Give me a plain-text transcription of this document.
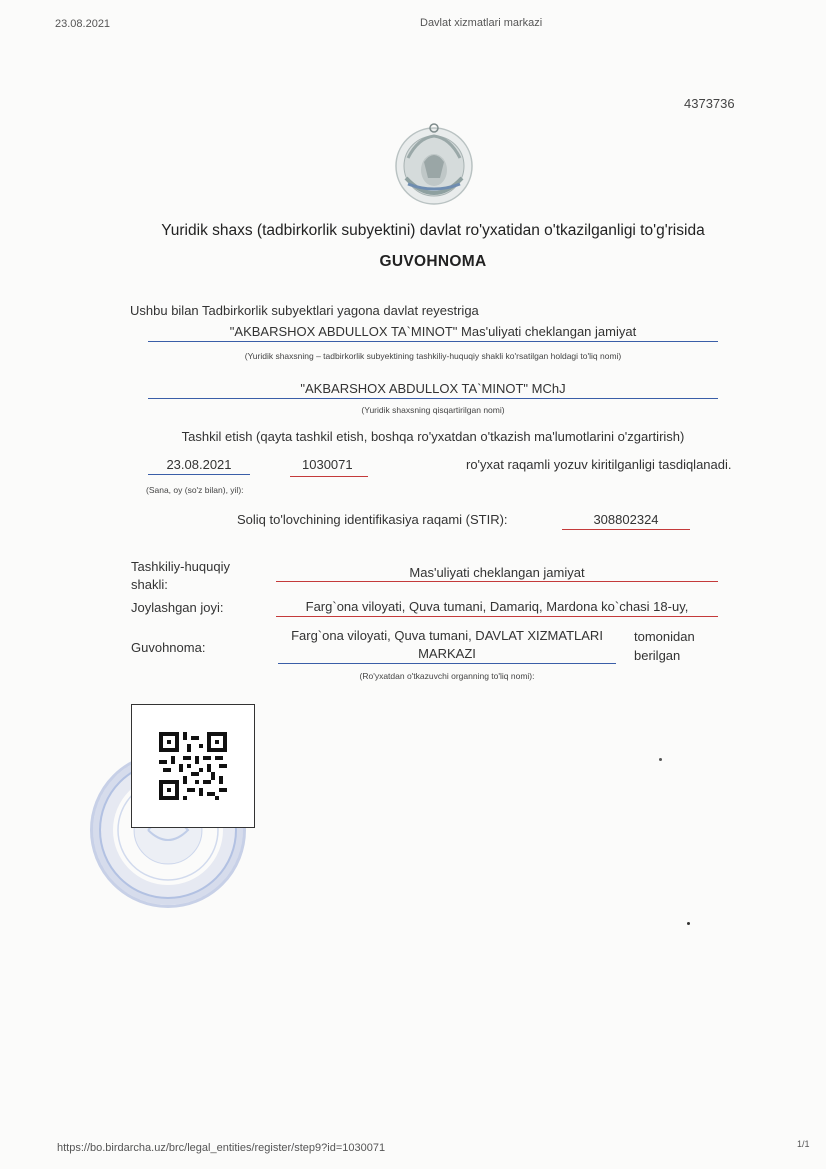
23.08.2021	Davlat xizmatlari markazi
4373736
Yuridik shaxs (tadbirkorlik subyektini) davlat ro'yxatidan o'tkazilganligi to'g'risida
GUVOHNOMA
Ushbu bilan Tadbirkorlik subyektlari yagona davlat reyestriga
"AKBARSHOX ABDULLOX TA`MINOT" Mas'uliyati cheklangan jamiyat
(Yuridik shaxsning – tadbirkorlik subyektining tashkiliy-huquqiy shakli ko'rsatilgan holdagi to'liq nomi)
"AKBARSHOX ABDULLOX TA`MINOT" MChJ
(Yuridik shaxsning qisqartirilgan nomi)
Tashkil etish (qayta tashkil etish, boshqa ro'yxatdan o'tkazish ma'lumotlarini o'zgartirish)
23.08.2021	1030071	ro'yxat raqamli yozuv kiritilganligi tasdiqlanadi.
(Sana, oy (so'z bilan), yil):
Soliq to'lovchining identifikasiya raqami (STIR):	308802324
Tashkiliy-huquqiy shakli:
Mas'uliyati cheklangan jamiyat
Joylashgan joyi:	Farg`ona viloyati, Quva tumani, Damariq, Mardona ko`chasi 18-uy,
Guvohnoma:
Farg`ona viloyati, Quva tumani, DAVLAT XIZMATLARI MARKAZI
tomonidan berilgan
(Ro'yxatdan o'tkazuvchi organning to'liq nomi):
https://bo.birdarcha.uz/brc/legal_entities/register/step9?id=1030071	1/1
